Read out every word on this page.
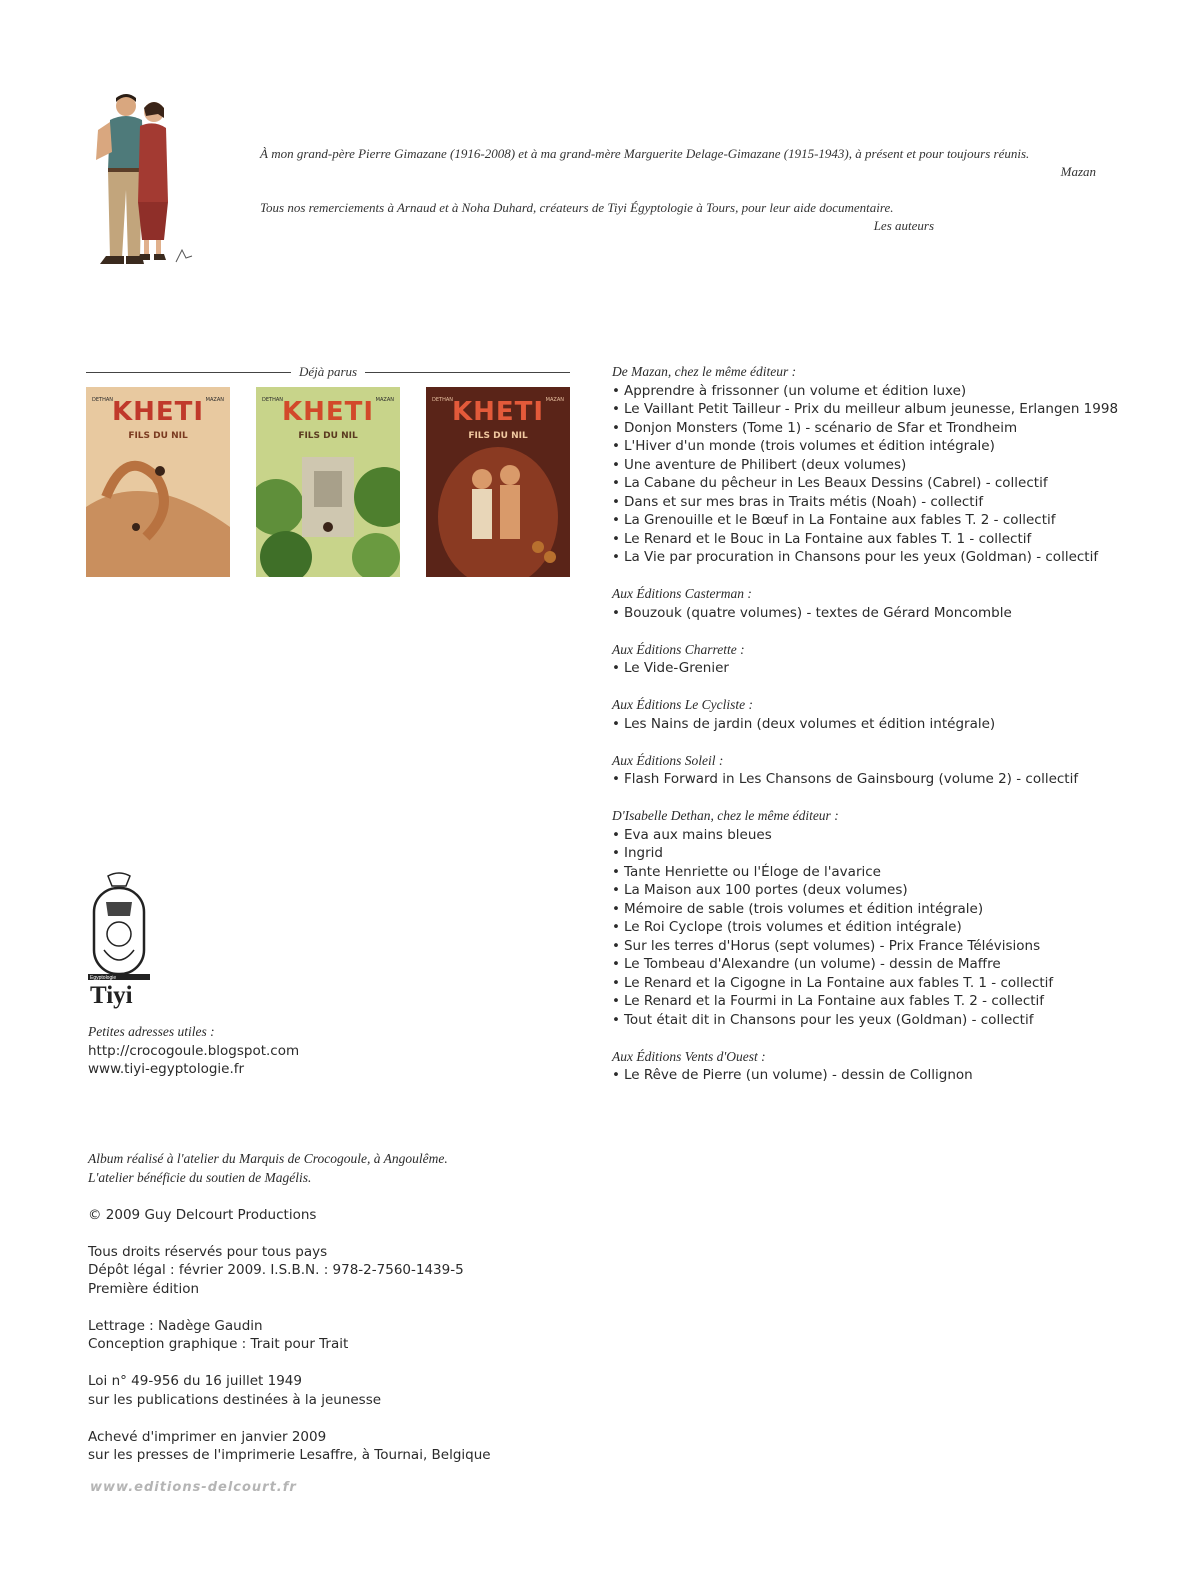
À mon grand-père Pierre Gimazane (1916-2008) et à ma grand-mère Marguerite Delage-Gimazane (1915-1943), à présent et pour toujours réunis.

Mazan

Tous nos remerciements à Arnaud et à Noha Duhard, créateurs de Tiyi Égyptologie à Tours, pour leur aide documentaire.

Les auteurs

Déjà parus
DETHAN	MAZAN
KHETI
FILS DU NIL
DETHAN	MAZAN
KHETI
FILS DU NIL
DETHAN	MAZAN
KHETI
FILS DU NIL
De Mazan, chez le même éditeur :
• Apprendre à frissonner (un volume et édition luxe)
• Le Vaillant Petit Tailleur - Prix du meilleur album jeunesse, Erlangen 1998
• Donjon Monsters (Tome 1) - scénario de Sfar et Trondheim
• L'Hiver d'un monde (trois volumes et édition intégrale)
• Une aventure de Philibert (deux volumes)
• La Cabane du pêcheur in Les Beaux Dessins (Cabrel) - collectif
• Dans et sur mes bras in Traits métis (Noah) - collectif
• La Grenouille et le Bœuf in La Fontaine aux fables T. 2 - collectif
• Le Renard et le Bouc in La Fontaine aux fables T. 1 - collectif
• La Vie par procuration in Chansons pour les yeux (Goldman) - collectif
Aux Éditions Casterman :
• Bouzouk (quatre volumes) - textes de Gérard Moncomble
Aux Éditions Charrette :
• Le Vide-Grenier
Aux Éditions Le Cycliste :
• Les Nains de jardin (deux volumes et édition intégrale)
Aux Éditions Soleil :
• Flash Forward in Les Chansons de Gainsbourg (volume 2) - collectif
D'Isabelle Dethan, chez le même éditeur :
• Eva aux mains bleues
• Ingrid
• Tante Henriette ou l'Éloge de l'avarice
• La Maison aux 100 portes (deux volumes)
• Mémoire de sable (trois volumes et édition intégrale)
• Le Roi Cyclope (trois volumes et édition intégrale)
• Sur les terres d'Horus (sept volumes) - Prix France Télévisions
• Le Tombeau d'Alexandre (un volume) - dessin de Maffre
• Le Renard et la Cigogne in La Fontaine aux fables T. 1 - collectif
• Le Renard et la Fourmi in La Fontaine aux fables T. 2 - collectif
• Tout était dit in Chansons pour les yeux (Goldman) - collectif
Aux Éditions Vents d'Ouest :
• Le Rêve de Pierre (un volume) - dessin de Collignon
Egyptologie
Tiyi
Petites adresses utiles :
http://crocogoule.blogspot.com
www.tiyi-egyptologie.fr
Album réalisé à l'atelier du Marquis de Crocogoule, à Angoulême.
L'atelier bénéficie du soutien de Magélis.
© 2009 Guy Delcourt Productions
Tous droits réservés pour tous pays
Dépôt légal : février 2009. I.S.B.N. : 978-2-7560-1439-5
Première édition
Lettrage : Nadège Gaudin
Conception graphique : Trait pour Trait
Loi n° 49-956 du 16 juillet 1949
sur les publications destinées à la jeunesse
Achevé d'imprimer en janvier 2009
sur les presses de l'imprimerie Lesaffre, à Tournai, Belgique
www.editions-delcourt.fr
